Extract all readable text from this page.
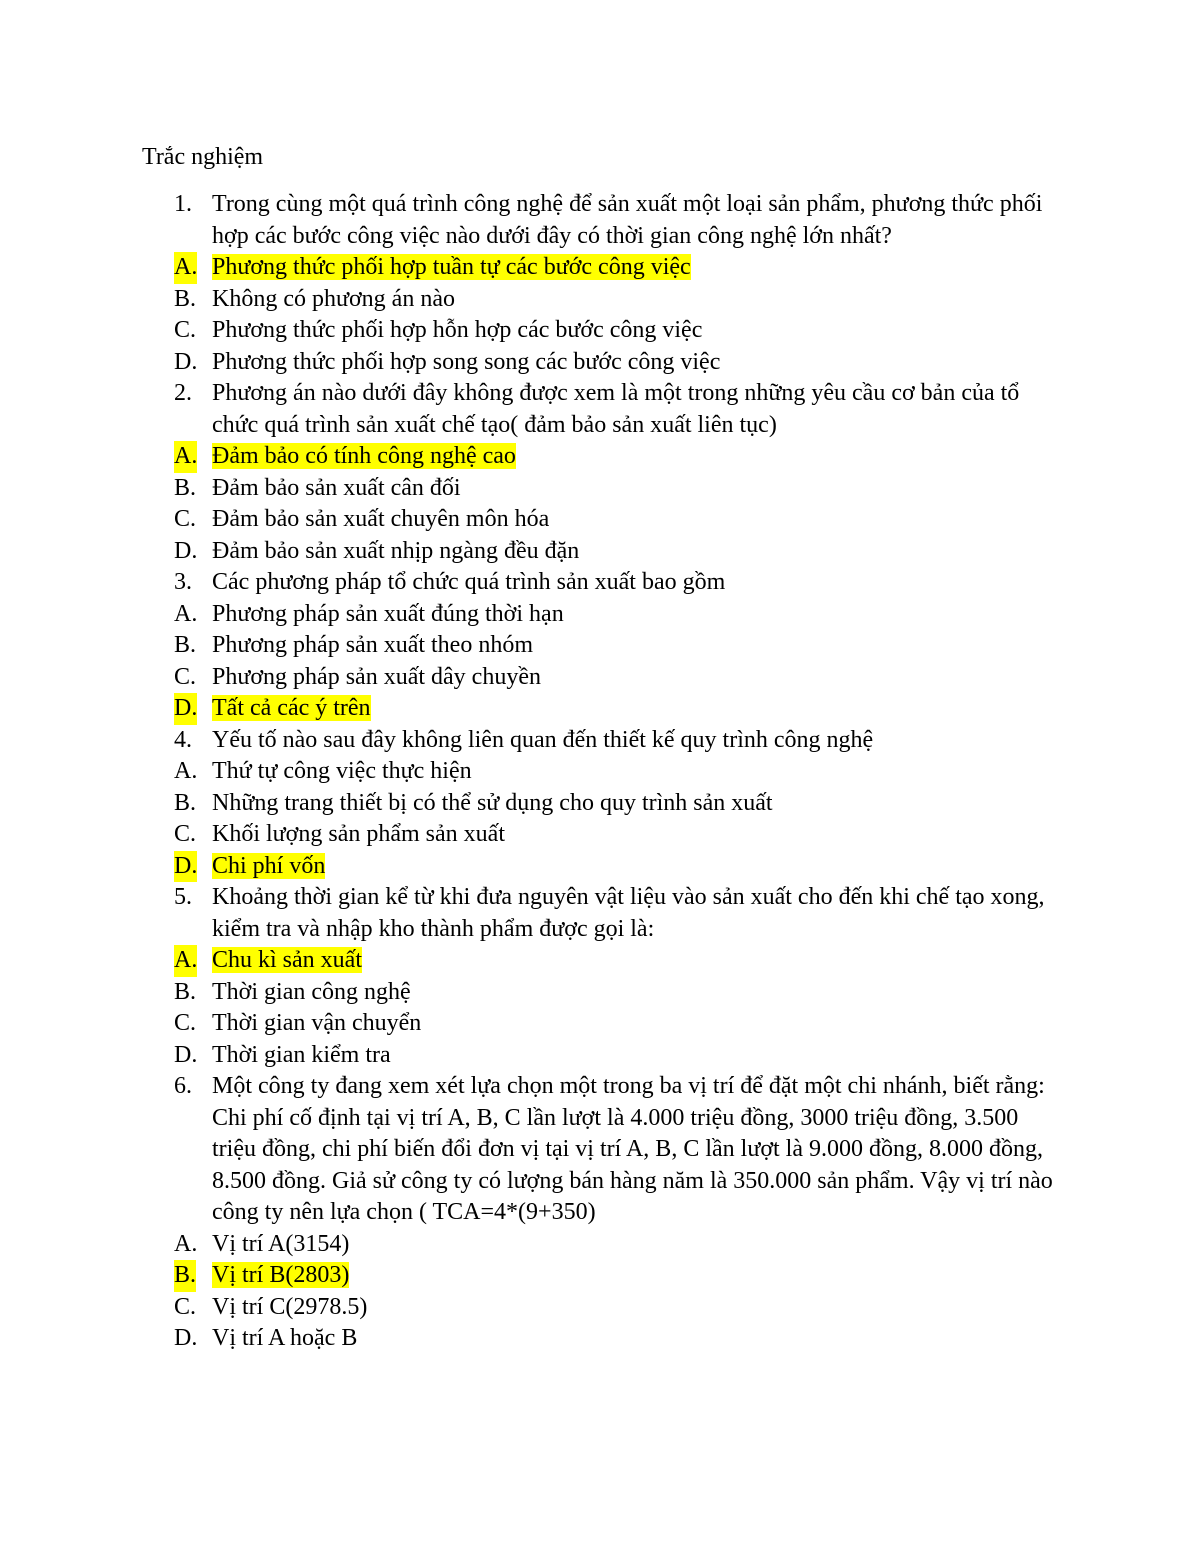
Trắc nghiệm
1. Trong cùng một quá trình công nghệ để sản xuất một loại sản phẩm, phương thức phối hợp các bước công việc nào dưới đây có thời gian công nghệ lớn nhất?
A. Phương thức phối hợp tuần tự các bước công việc
B. Không có phương án nào
C. Phương thức phối hợp hỗn hợp các bước công việc
D. Phương thức phối hợp song song các bước công việc
2. Phương án nào dưới đây không được xem là một trong những yêu cầu cơ bản của tổ chức quá trình sản xuất chế tạo( đảm bảo sản xuất liên tục)
A. Đảm bảo có tính công nghệ cao
B. Đảm bảo sản xuất cân đối
C. Đảm bảo sản xuất chuyên môn hóa
D. Đảm bảo sản xuất nhịp ngàng đều đặn
3. Các phương pháp tổ chức quá trình sản xuất bao gồm
A. Phương pháp sản xuất đúng thời hạn
B. Phương pháp sản xuất theo nhóm
C. Phương pháp sản xuất dây chuyền
D. Tất cả các ý trên
4. Yếu tố nào sau đây không liên quan đến thiết kế quy trình công nghệ
A. Thứ tự công việc thực hiện
B. Những trang thiết bị có thể sử dụng cho quy trình sản xuất
C. Khối lượng sản phẩm sản xuất
D. Chi phí vốn
5. Khoảng thời gian kể từ khi đưa nguyên vật liệu vào sản xuất cho đến khi chế tạo xong, kiểm tra và nhập kho thành phẩm được gọi là:
A. Chu kì sản xuất
B. Thời gian công nghệ
C. Thời gian vận chuyển
D. Thời gian kiểm tra
6. Một công ty đang xem xét lựa chọn một trong ba vị trí để đặt một chi nhánh, biết rằng: Chi phí cố định tại vị trí A, B, C lần lượt là 4.000 triệu đồng, 3000 triệu đồng, 3.500 triệu đồng, chi phí biến đổi đơn vị tại vị trí A, B, C lần lượt là 9.000 đồng, 8.000 đồng, 8.500 đồng. Giả sử công ty có lượng bán hàng năm là 350.000 sản phẩm. Vậy vị trí nào công ty nên lựa chọn ( TCA=4*(9+350)
A. Vị trí A(3154)
B. Vị trí B(2803)
C. Vị trí C(2978.5)
D. Vị trí A hoặc B
